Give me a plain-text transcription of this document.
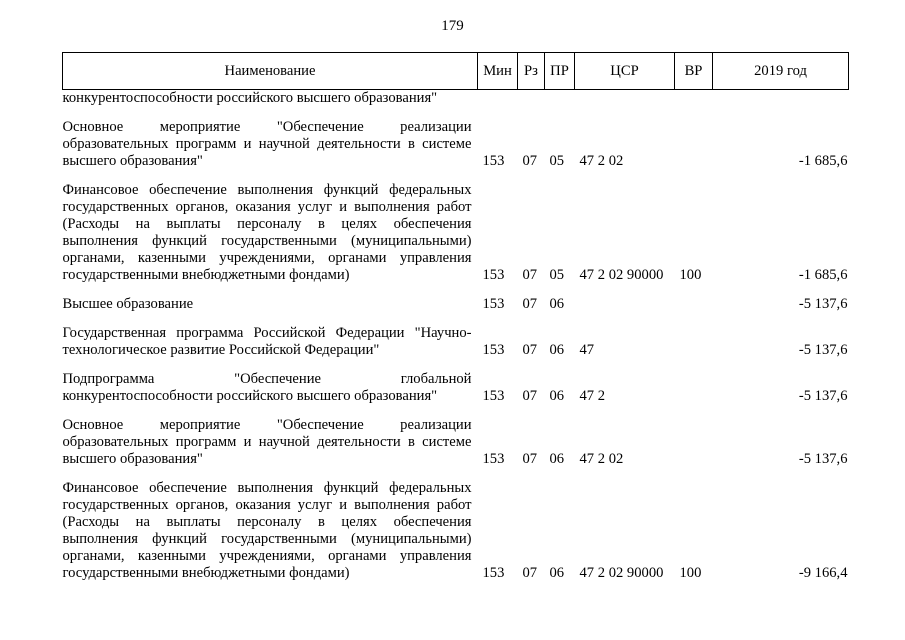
179
Наименование	Мин	Рз	ПР	ЦСР	ВР	2019 год
конкурентоспособности российского высшего образования"						
Основное мероприятие "Обеспечение реализации образовательных программ и научной деятельности в системе высшего образования"	153	07	05	47 2 02		-1 685,6
Финансовое обеспечение выполнения функций федеральных государственных органов, оказания услуг и выполнения работ (Расходы на выплаты персоналу в целях обеспечения выполнения функций государственными (муниципальными) органами, казенными учреждениями, органами управления государственными внебюджетными фондами)	153	07	05	47 2 02 90000	100	-1 685,6
Высшее образование	153	07	06			-5 137,6
Государственная программа Российской Федерации "Научно-технологическое развитие Российской Федерации"	153	07	06	47		-5 137,6
Подпрограмма "Обеспечение глобальной конкурентоспособности российского высшего образования"	153	07	06	47 2		-5 137,6
Основное мероприятие "Обеспечение реализации образовательных программ и научной деятельности в системе высшего образования"	153	07	06	47 2 02		-5 137,6
Финансовое обеспечение выполнения функций федеральных государственных органов, оказания услуг и выполнения работ (Расходы на выплаты персоналу в целях обеспечения выполнения функций государственными (муниципальными) органами, казенными учреждениями, органами управления государственными внебюджетными фондами)	153	07	06	47 2 02 90000	100	-9 166,4
